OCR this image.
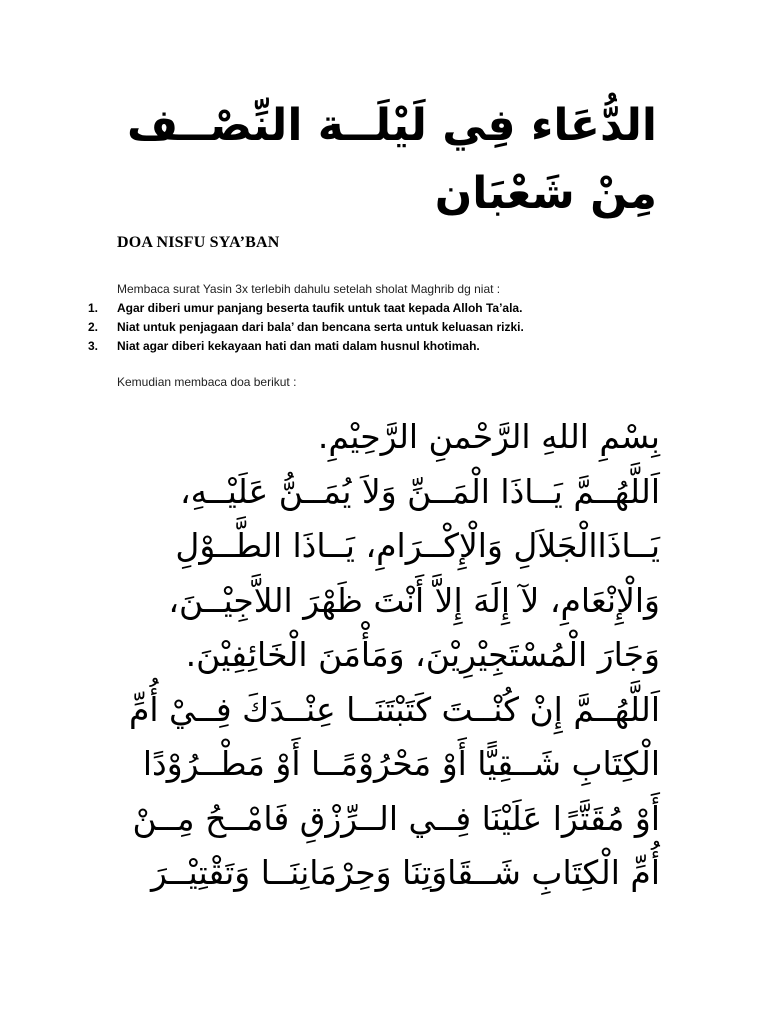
الدُّعَاء فِي لَيْلَــة النِّصْــف مِنْ شَعْبَان
DOA NISFU SYA’BAN

Membaca surat Yasin 3x terlebih dahulu setelah sholat Maghrib dg niat :

1.	Agar diberi umur panjang beserta taufik untuk taat kepada Alloh Ta’ala.
2.	Niat untuk penjagaan dari bala’ dan bencana serta untuk keluasan rizki.
3.	Niat agar diberi kekayaan hati dan mati dalam husnul khotimah.

Kemudian membaca doa berikut :

بِسْمِ اللهِ الرَّحْمنِ الرَّحِيْمِ.
اَللَّهُــمَّ يَــاذَا الْمَــنِّ وَلاَ يُمَــنُّ عَلَيْــهِ،
يَــاذَاالْجَلاَلِ وَالْإِكْــرَامِ، يَــاذَا الطَّــوْلِ
وَالْإِنْعَامِ، لآ إِلَهَ إِلاَّ أَنْتَ ظَهْرَ اللاَّجِيْــنَ،
وَجَارَ الْمُسْتَجِيْرِيْنَ، وَمَأْمَنَ الْخَائِفِيْنَ.
اَللَّهُــمَّ إِنْ كُنْــتَ كَتَبْتَنَــا عِنْــدَكَ فِــيْ أُمِّ
الْكِتَابِ شَــقِيًّا أَوْ مَحْرُوْمًــا أَوْ مَطْــرُوْدًا
أَوْ مُقَتَّرًا عَلَيْنَا فِــي الــرِّزْقِ فَامْــحُ مِــنْ
أُمِّ الْكِتَابِ شَــقَاوَتِنَا وَحِرْمَانِنَــا وَتَقْتِيْــرَ
